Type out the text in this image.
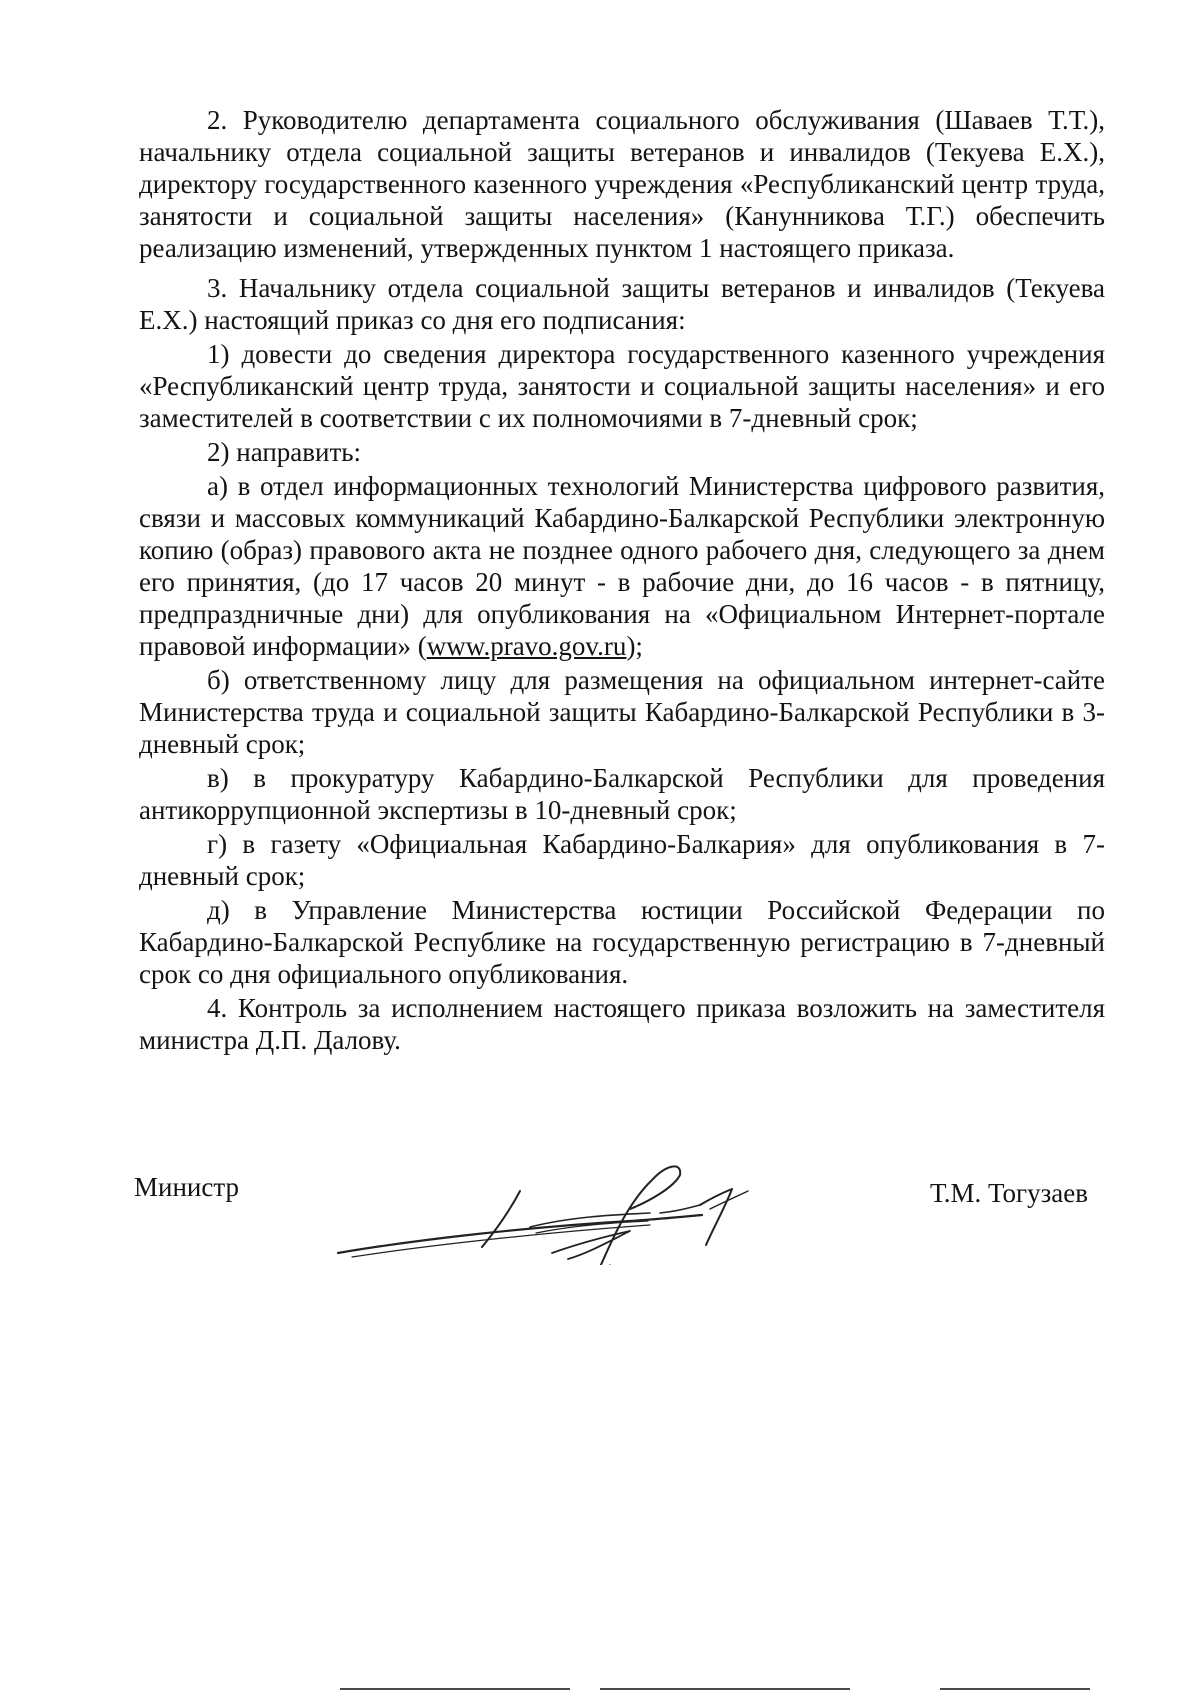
2. Руководителю департамента социального обслуживания (Шаваев Т.Т.), начальнику отдела социальной защиты ветеранов и инвалидов (Текуева Е.Х.), директору государственного казенного учреждения «Республиканский центр труда, занятости и социальной защиты населения» (Канунникова Т.Г.) обеспечить реализацию изменений, утвержденных пунктом 1 настоящего приказа.

3. Начальнику отдела социальной защиты ветеранов и инвалидов (Текуева Е.Х.) настоящий приказ со дня его подписания:

1) довести до сведения директора государственного казенного учреждения «Республиканский центр труда, занятости и социальной защиты населения» и его заместителей в соответствии с их полномочиями в 7-дневный срок;

2) направить:

а) в отдел информационных технологий Министерства цифрового развития, связи и массовых коммуникаций Кабардино-Балкарской Республики электронную копию (образ) правового акта не позднее одного рабочего дня, следующего за днем его принятия, (до 17 часов 20 минут - в рабочие дни, до 16 часов - в пятницу, предпраздничные дни) для опубликования на «Официальном Интернет-портале правовой информации» (www.pravo.gov.ru);

б) ответственному лицу для размещения на официальном интернет-сайте Министерства труда и социальной защиты Кабардино-Балкарской Республики в 3-дневный срок;

в) в прокуратуру Кабардино-Балкарской Республики для проведения антикоррупционной экспертизы в 10-дневный срок;

г) в газету «Официальная Кабардино-Балкария» для опубликования в 7-дневный срок;

д) в Управление Министерства юстиции Российской Федерации по Кабардино-Балкарской Республике на государственную регистрацию в 7-дневный срок со дня официального опубликования.

4. Контроль за исполнением настоящего приказа возложить на заместителя министра Д.П. Далову.

Министр	Т.М. Тогузаев
